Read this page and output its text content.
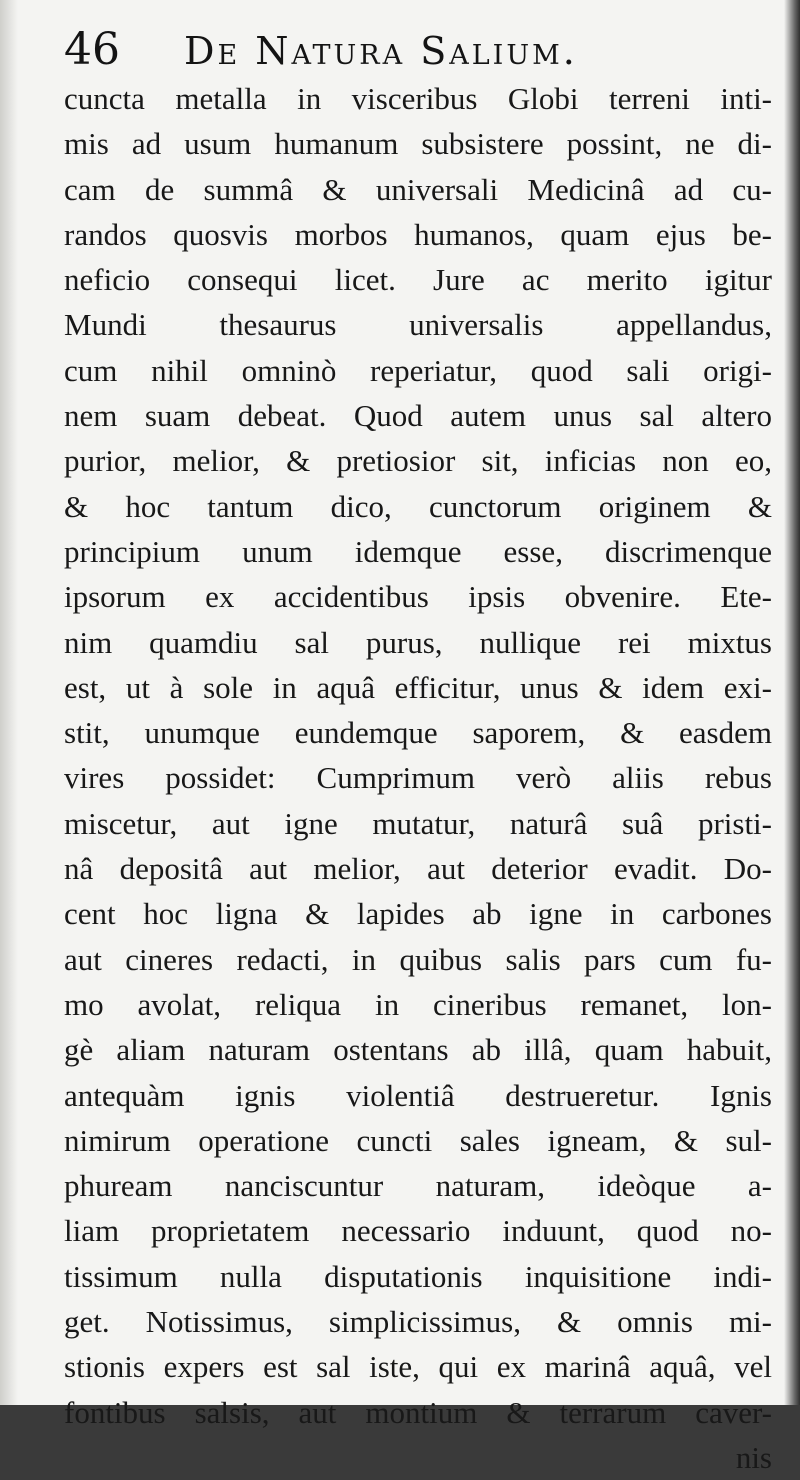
46 De Natura Salium.
cuncta metalla in visceribus Globi terreni inti-
mis ad usum humanum subsistere possint, ne di-
cam de summâ & universali Medicinâ ad cu-
randos quosvis morbos humanos, quam ejus be-
neficio consequi licet. Jure ac merito igitur
Mundi thesaurus universalis appellandus,
cum nihil omninò reperiatur, quod sali origi-
nem suam debeat. Quod autem unus sal altero
purior, melior, & pretiosior sit, inficias non eo,
& hoc tantum dico, cunctorum originem &
principium unum idemque esse, discrimenque
ipsorum ex accidentibus ipsis obvenire. Ete-
nim quamdiu sal purus, nullique rei mixtus
est, ut à sole in aquâ efficitur, unus & idem exi-
stit, unumque eundemque saporem, & easdem
vires possidet: Cumprimum verò aliis rebus
miscetur, aut igne mutatur, naturâ suâ pristi-
nâ depositâ aut melior, aut deterior evadit. Do-
cent hoc ligna & lapides ab igne in carbones
aut cineres redacti, in quibus salis pars cum fu-
mo avolat, reliqua in cineribus remanet, lon-
gè aliam naturam ostentans ab illâ, quam habuit,
antequàm ignis violentiâ destrueretur. Ignis
nimirum operatione cuncti sales igneam, & sul-
phuream nanciscuntur naturam, ideòque a-
liam proprietatem necessario induunt, quod no-
tissimum nulla disputationis inquisitione indi-
get. Notissimus, simplicissimus, & omnis mi-
stionis expers est sal iste, qui ex marinâ aquâ, vel
fontibus salsis, aut montium & terrarum caver-
nis
